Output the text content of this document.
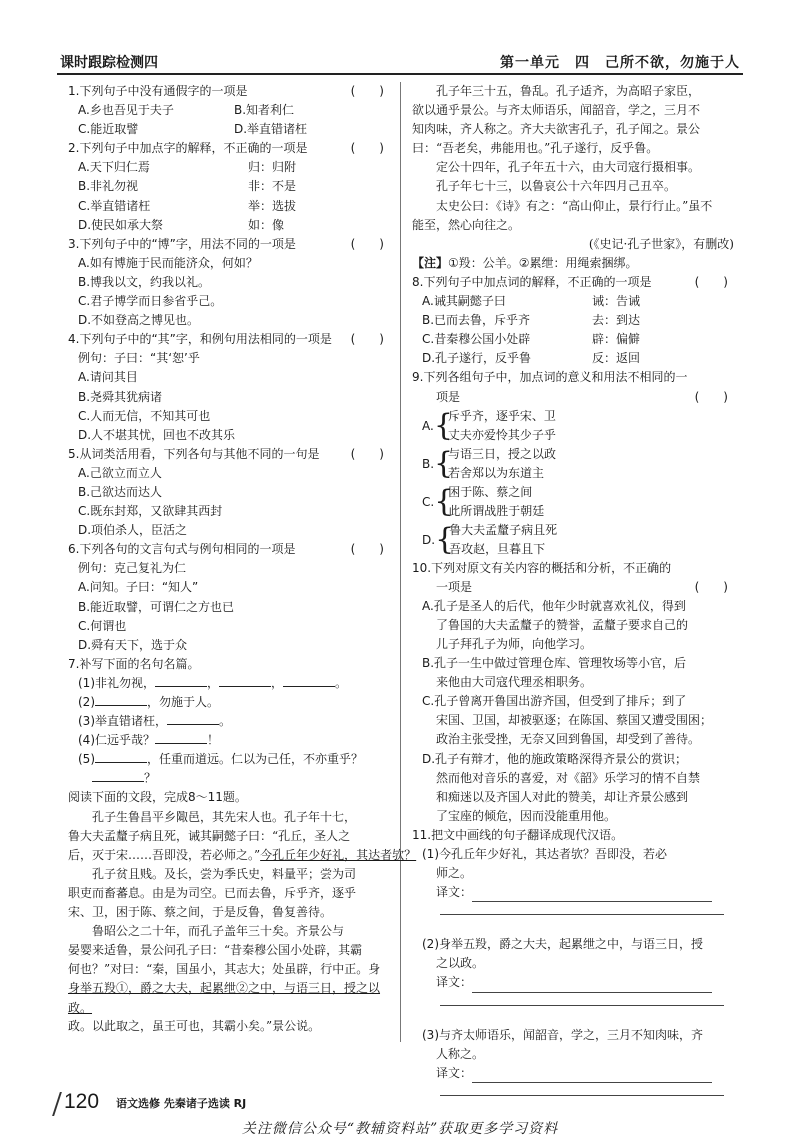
课时跟踪检测四	第一单元　四　己所不欲，勿施于人
1.下列句子中没有通假字的一项是	(　　)
A.乡也吾见于夫子	B.知者利仁
C.能近取譬	D.举直错诸枉
2.下列句子中加点字的解释，不正确的一项是	(　　)
A.天下归仁焉	归：归附
B.非礼勿视	非：不是
C.举直错诸枉	举：选拔
D.使民如承大祭	如：像
3.下列句子中的“博”字，用法不同的一项是	(　　)
A.如有博施于民而能济众，何如？
B.博我以文，约我以礼。
C.君子博学而日参省乎己。
D.不如登高之博见也。
4.下列句子中的“其”字，和例句用法相同的一项是 (　　)
例句：子曰：“其‘恕’乎
A.请问其目
B.尧舜其犹病诸
C.人而无信，不知其可也
D.人不堪其忧，回也不改其乐
5.从词类活用看，下列各句与其他不同的一句是	(　　)
A.己欲立而立人
B.己欲达而达人
C.既东封郑，又欲肆其西封
D.项伯杀人，臣活之
6.下列各句的文言句式与例句相同的一项是	(　　)
例句：克己复礼为仁
A.问知。子曰：“知人”
B.能近取譬，可谓仁之方也已
C.何谓也
D.舜有天下，选于众
7.补写下面的名句名篇。
(1)非礼勿视，	，	，	。
(2)	，勿施于人。
(3)举直错诸枉，	。
(4)仁远乎哉？	！
(5)	，任重而道远。仁以为己任，不亦重乎？
？
阅读下面的文段，完成8～11题。
孔子生鲁昌平乡陬邑，其先宋人也。孔子年十七，
鲁大夫孟釐子病且死，诫其嗣懿子曰：“孔丘，圣人之
后，灭于宋……吾即没，若必师之。”今孔丘年少好礼，其达者欤？
孔子贫且贱。及长，尝为季氏史，料量平；尝为司
职吏而畜蕃息。由是为司空。已而去鲁，斥乎齐，逐乎
宋、卫，困于陈、蔡之间，于是反鲁，鲁复善待。
鲁昭公之二十年，而孔子盖年三十矣。齐景公与
晏婴来适鲁，景公问孔子曰：“昔秦穆公国小处辟，其霸
何也？”对曰：“秦，国虽小，其志大；处虽辟，行中正。身
身举五羖①，爵之大夫，起累绁②之中，与语三日，授之以政。
政。以此取之，虽王可也，其霸小矣。”景公说。
孔子年三十五，鲁乱。孔子适齐，为高昭子家臣，
欲以通乎景公。与齐太师语乐，闻韶音，学之，三月不
知肉味，齐人称之。齐大夫欲害孔子，孔子闻之。景公
曰：“吾老矣，弗能用也。”孔子遂行，反乎鲁。
定公十四年，孔子年五十六，由大司寇行摄相事。
孔子年七十三，以鲁哀公十六年四月己丑卒。
太史公曰：《诗》有之：“高山仰止，景行行止。”虽不
能至，然心向往之。
(《史记·孔子世家》，有删改)
【注】①羖：公羊。②累绁：用绳索捆绑。
8.下列句子中加点词的解释，不正确的一项是	(　　)
A.诫其嗣懿子曰	诫：告诫
B.已而去鲁，斥乎齐	去：到达
C.昔秦穆公国小处辟	辟：偏僻
D.孔子遂行，反乎鲁	反：返回
9.下列各组句子中，加点词的意义和用法不相同的一
项是	(　　)
A. {
斥乎齐，逐乎宋、卫
丈夫亦爱怜其少子乎
B. {
与语三日，授之以政
若舍郑以为东道主
C. {
困于陈、蔡之间
此所谓战胜于朝廷
D. {
鲁大夫孟釐子病且死
吾攻赵，旦暮且下
10.下列对原文有关内容的概括和分析，不正确的
一项是	(　　)
A.孔子是圣人的后代，他年少时就喜欢礼仪，得到
了鲁国的大夫孟釐子的赞誉，孟釐子要求自己的
儿子拜孔子为师，向他学习。
B.孔子一生中做过管理仓库、管理牧场等小官，后
来他由大司寇代理丞相职务。
C.孔子曾离开鲁国出游齐国，但受到了排斥；到了
宋国、卫国，却被驱逐；在陈国、蔡国又遭受围困；
政治主张受挫，无奈又回到鲁国，却受到了善待。
D.孔子有辩才，他的施政策略深得齐景公的赏识；
然而他对音乐的喜爱，对《韶》乐学习的情不自禁
和痴迷以及齐国人对此的赞美，却让齐景公感到
了宝座的倾危，因而没能重用他。
11.把文中画线的句子翻译成现代汉语。
(1)今孔丘年少好礼，其达者欤？吾即没，若必
师之。
译文：
(2)身举五羖，爵之大夫，起累绁之中，与语三日，授
之以政。
译文：
(3)与齐太师语乐，闻韶音，学之，三月不知肉味，齐
人称之。
译文：
120 语文选修 先秦诸子选读 RJ
关注微信公众号“教辅资料站”获取更多学习资料
